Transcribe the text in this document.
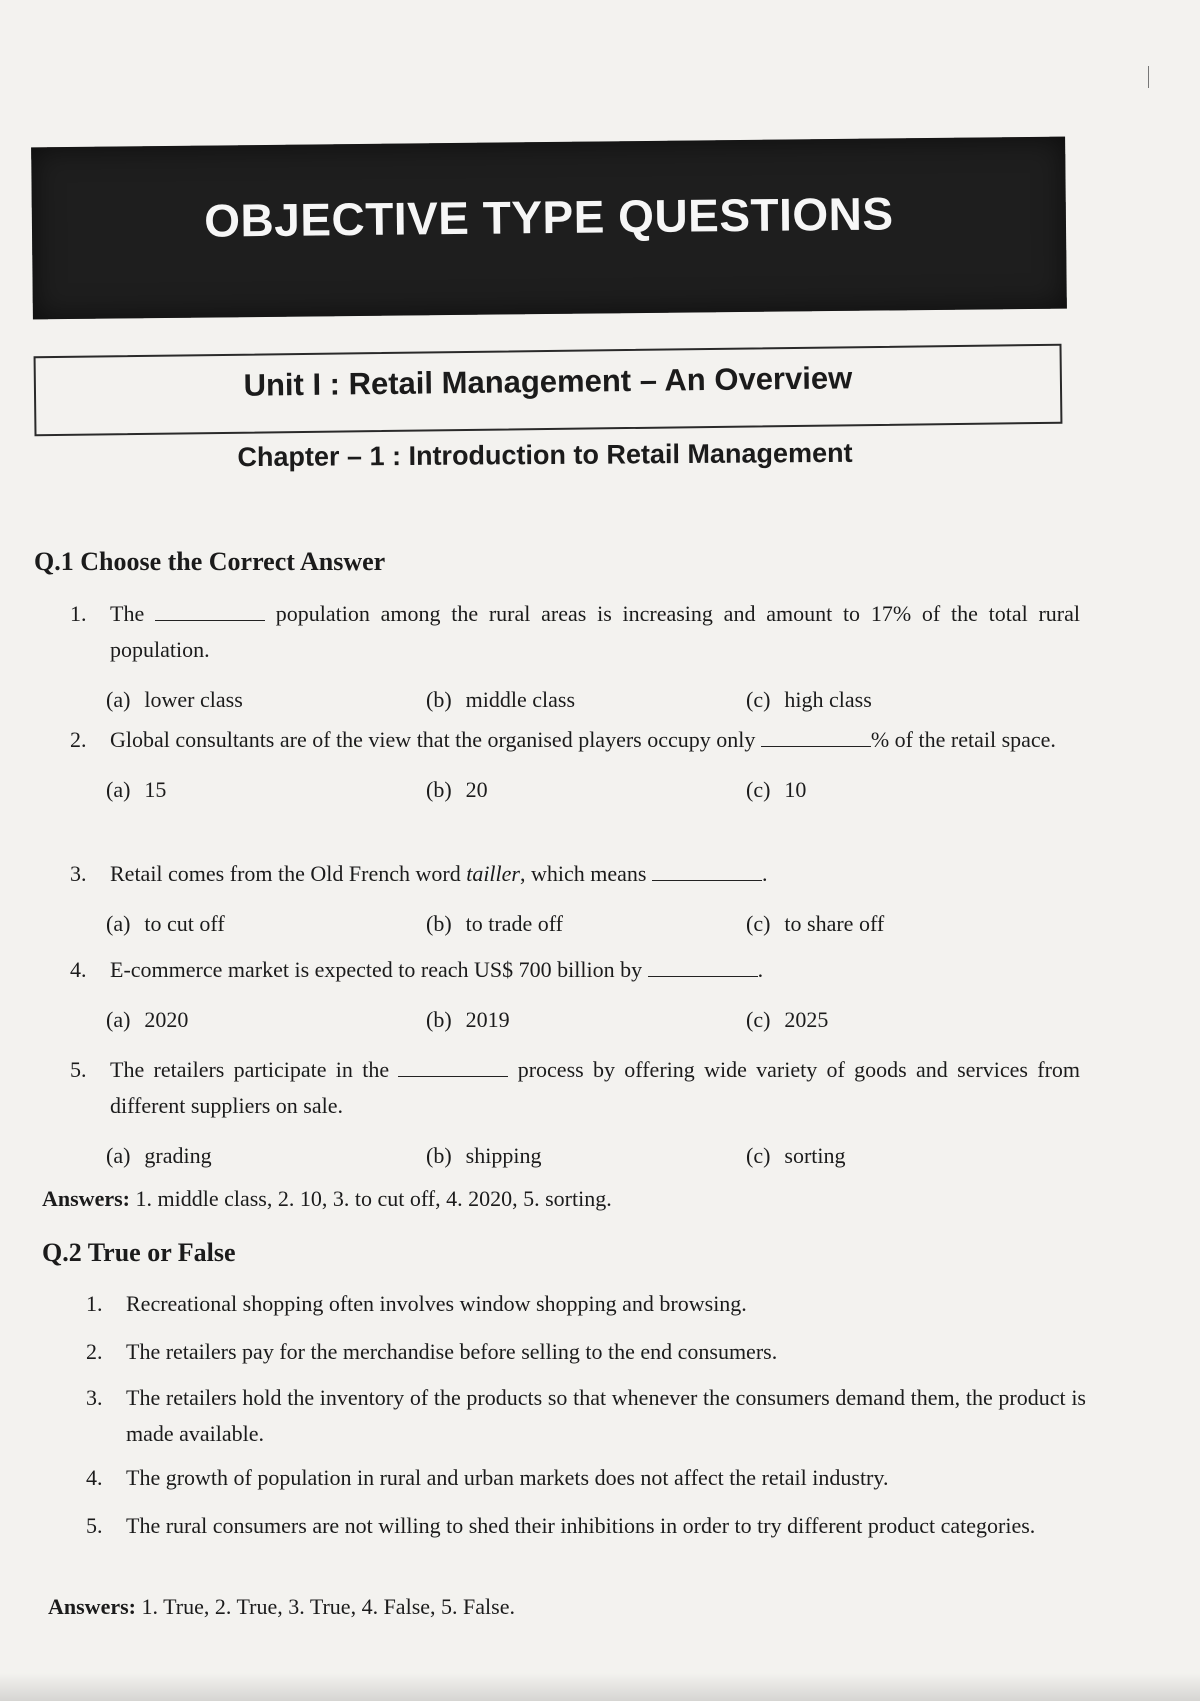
OBJECTIVE TYPE QUESTIONS
Unit I : Retail Management – An Overview
Chapter – 1 : Introduction to Retail Management
Q.1 Choose the Correct Answer
1.	The	population among the rural areas is increasing and amount to 17% of the total rural population.
(a) lower class	(b) middle class	(c) high class
2.	Global consultants are of the view that the organised players occupy only	% of the retail space.
(a) 15	(b) 20	(c) 10
3.	Retail comes from the Old French word tailler, which means	.
(a) to cut off	(b) to trade off	(c) to share off
4.	E-commerce market is expected to reach US$ 700 billion by	.
(a) 2020	(b) 2019	(c) 2025
5.	The retailers participate in the	process by offering wide variety of goods and services from different suppliers on sale.
(a) grading	(b) shipping	(c) sorting
Answers: 1. middle class, 2. 10, 3. to cut off, 4. 2020, 5. sorting.
Q.2 True or False
1.	Recreational shopping often involves window shopping and browsing.
2.	The retailers pay for the merchandise before selling to the end consumers.
3.	The retailers hold the inventory of the products so that whenever the consumers demand them, the product is made available.
4.	The growth of population in rural and urban markets does not affect the retail industry.
5.	The rural consumers are not willing to shed their inhibitions in order to try different product categories.
Answers: 1. True, 2. True, 3. True, 4. False, 5. False.
